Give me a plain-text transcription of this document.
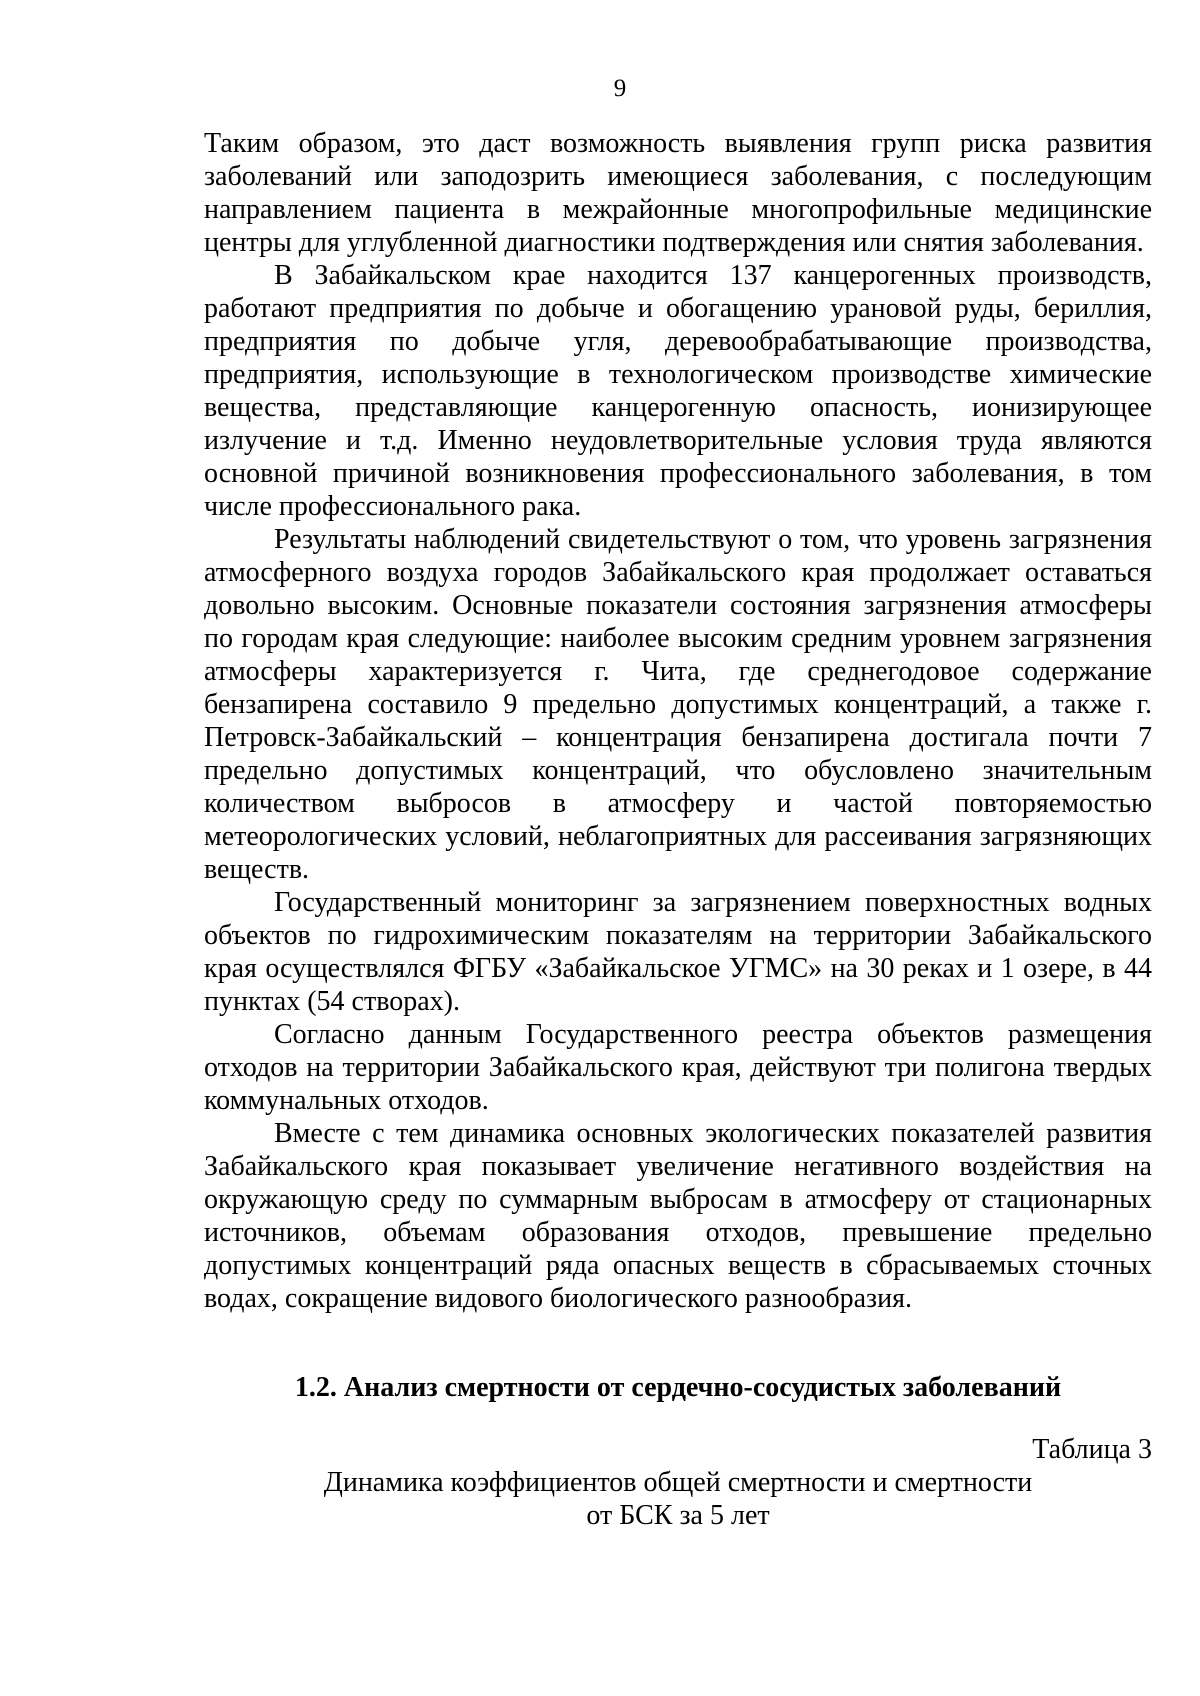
9

Таким образом, это даст возможность выявления групп риска развития заболеваний или заподозрить имеющиеся заболевания, с последующим направлением пациента в межрайонные многопрофильные медицинские центры для углубленной диагностики подтверждения или снятия заболевания.

В Забайкальском крае находится 137 канцерогенных производств, работают предприятия по добыче и обогащению урановой руды, бериллия, предприятия по добыче угля, деревообрабатывающие производства, предприятия, использующие в технологическом производстве химические вещества, представляющие канцерогенную опасность, ионизирующее излучение и т.д. Именно неудовлетворительные условия труда являются основной причиной возникновения профессионального заболевания, в том числе профессионального рака.

Результаты наблюдений свидетельствуют о том, что уровень загрязнения атмосферного воздуха городов Забайкальского края продолжает оставаться довольно высоким. Основные показатели состояния загрязнения атмосферы по городам края следующие: наиболее высоким средним уровнем загрязнения атмосферы характеризуется г. Чита, где среднегодовое содержание бензапирена составило 9 предельно допустимых концентраций, а также г. Петровск-Забайкальский – концентрация бензапирена достигала почти 7 предельно допустимых концентраций, что обусловлено значительным количеством выбросов в атмосферу и частой повторяемостью метеорологических условий, неблагоприятных для рассеивания загрязняющих веществ.

Государственный мониторинг за загрязнением поверхностных водных объектов по гидрохимическим показателям на территории Забайкальского края осуществлялся ФГБУ «Забайкальское УГМС» на 30 реках и 1 озере, в 44 пунктах (54 створах).

Согласно данным Государственного реестра объектов размещения отходов на территории Забайкальского края, действуют три полигона твердых коммунальных отходов.

Вместе с тем динамика основных экологических показателей развития Забайкальского края показывает увеличение негативного воздействия на окружающую среду по суммарным выбросам в атмосферу от стационарных источников, объемам образования отходов, превышение предельно допустимых концентраций ряда опасных веществ в сбрасываемых сточных водах, сокращение видового биологического разнообразия.

1.2. Анализ смертности от сердечно-сосудистых заболеваний
Таблица 3
Динамика коэффициентов общей смертности и смертности
от БСК за 5 лет
